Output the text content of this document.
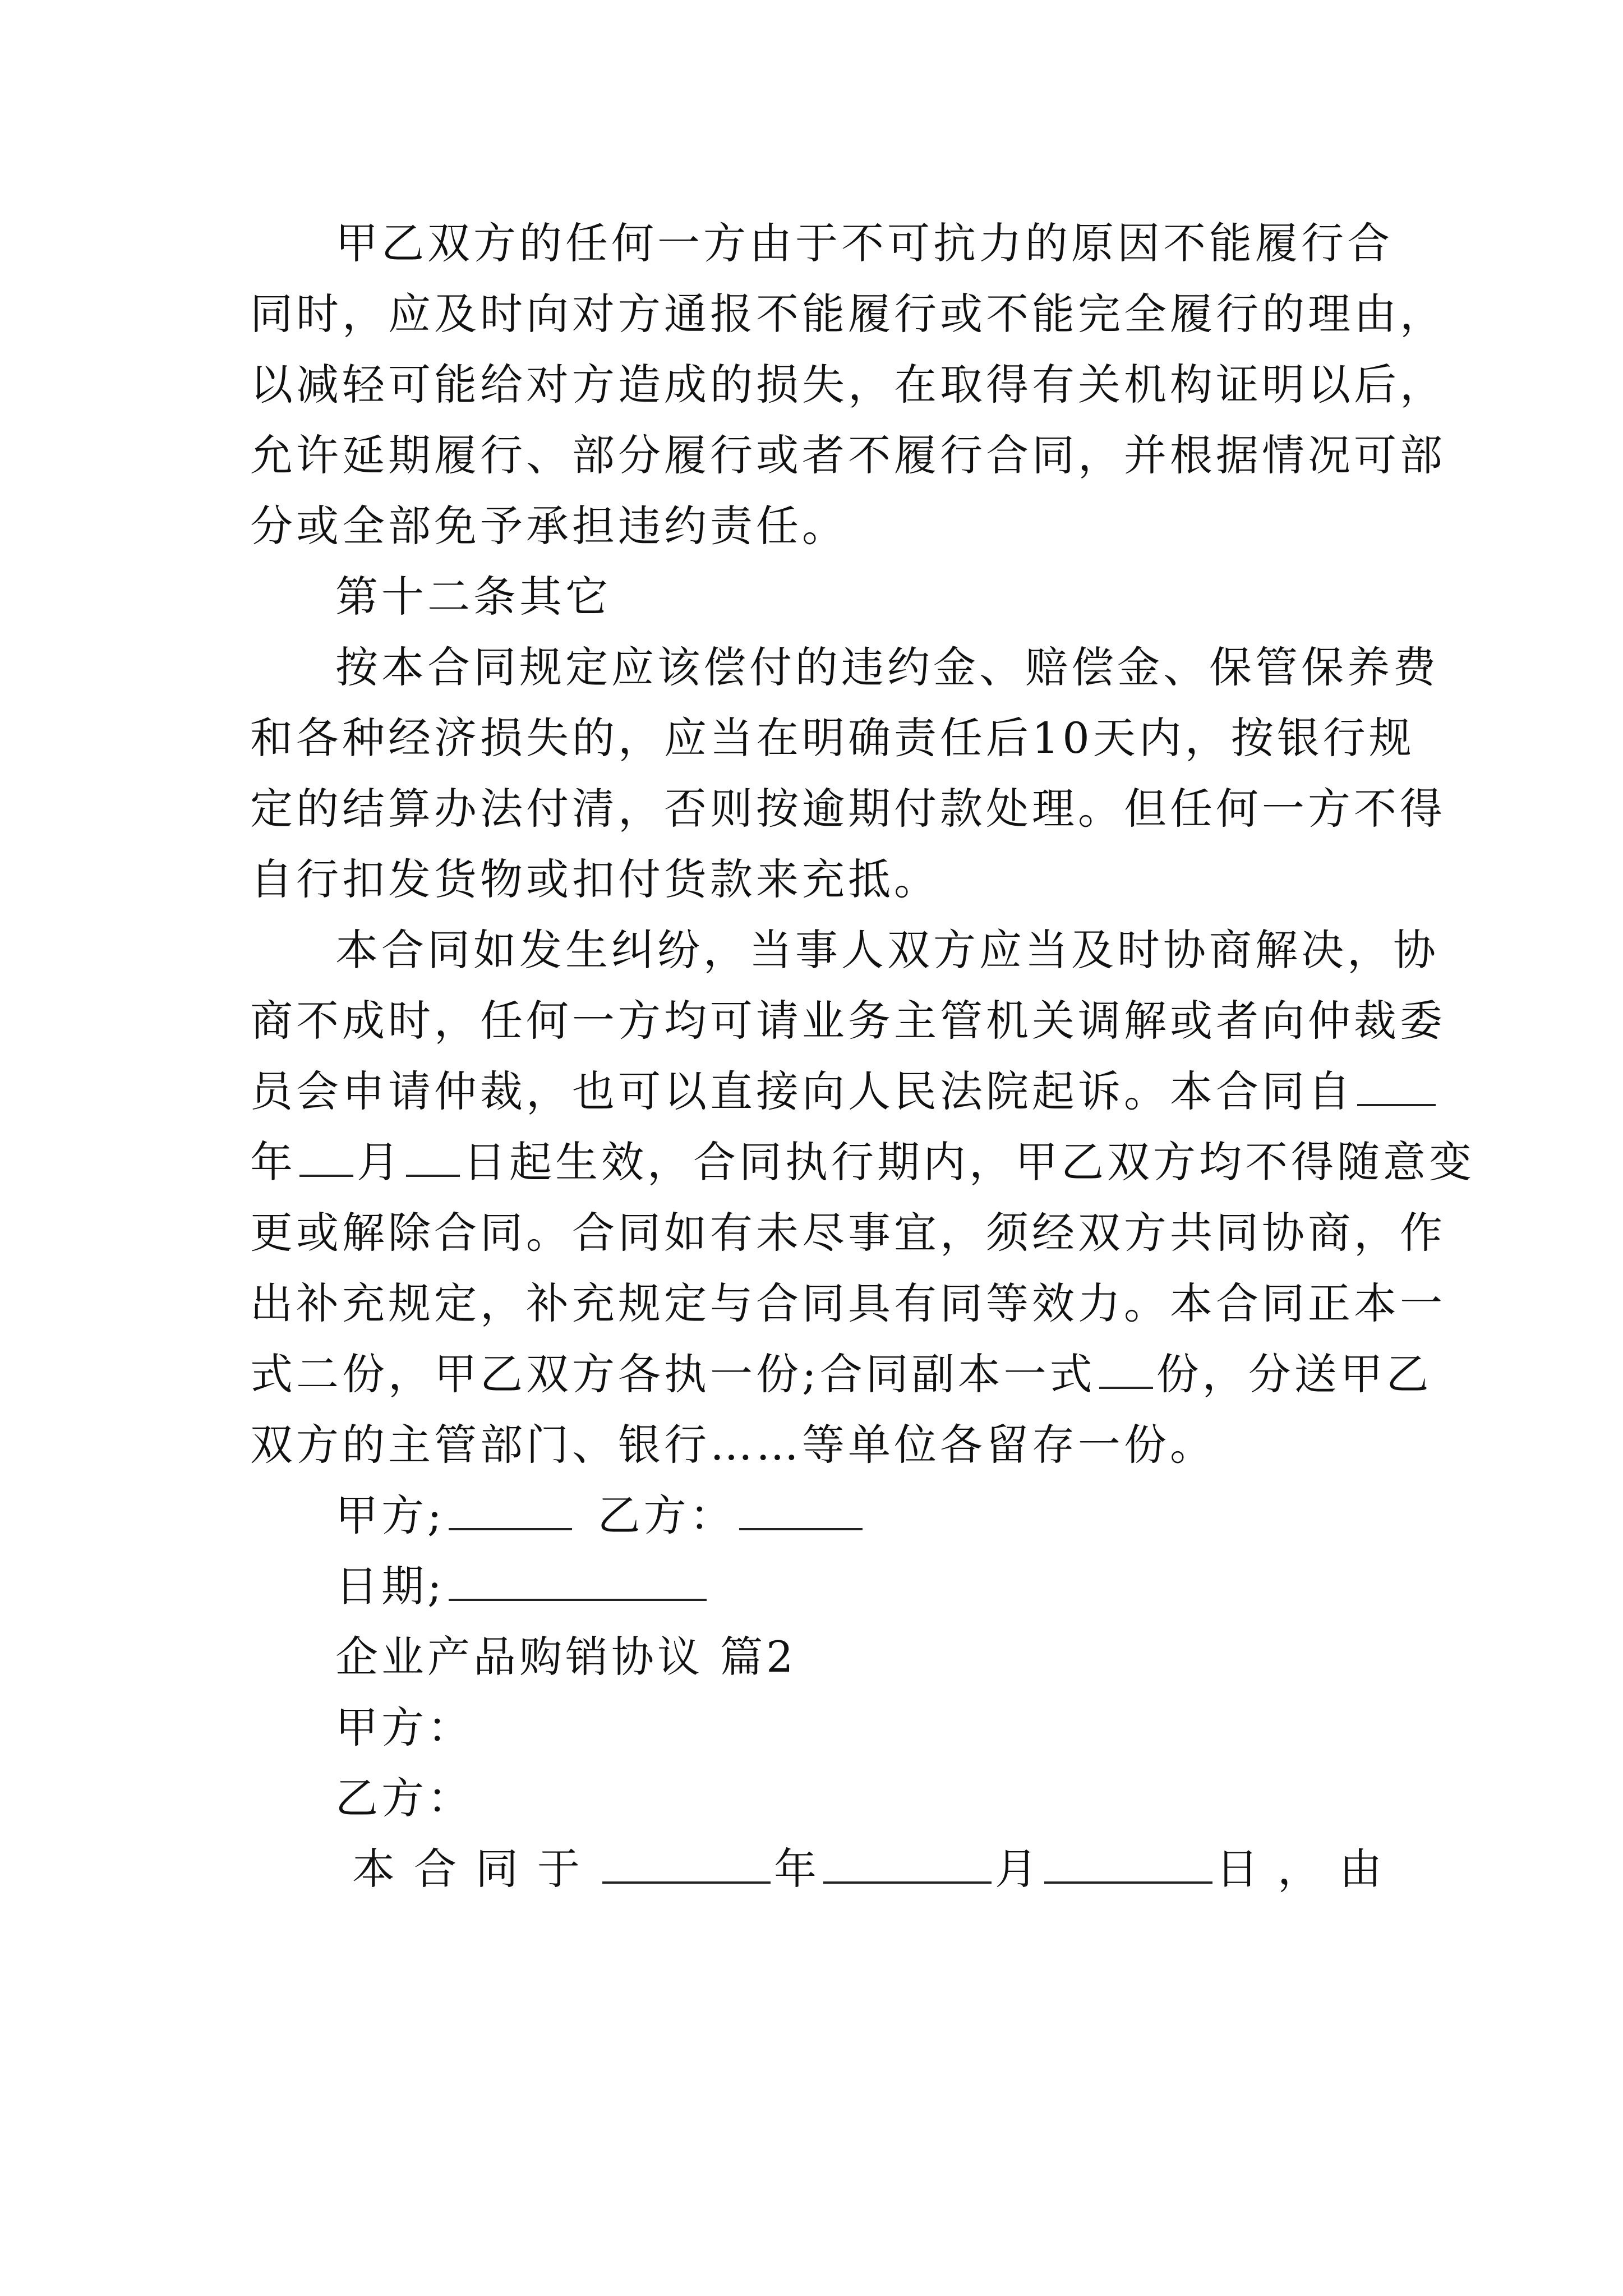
甲乙双方的任何一方由于不可抗力的原因不能履行合
同时，应及时向对方通报不能履行或不能完全履行的理由，
以减轻可能给对方造成的损失，在取得有关机构证明以后，
允许延期履行、部分履行或者不履行合同，并根据情况可部
分或全部免予承担违约责任。
第十二条其它
按本合同规定应该偿付的违约金、赔偿金、保管保养费
和各种经济损失的，应当在明确责任后10天内，按银行规
定的结算办法付清，否则按逾期付款处理。但任何一方不得
自行扣发货物或扣付货款来充抵。
本合同如发生纠纷，当事人双方应当及时协商解决，协
商不成时，任何一方均可请业务主管机关调解或者向仲裁委
员会申请仲裁，也可以直接向人民法院起诉。本合同自
年 月 日起生效，合同执行期内，甲乙双方均不得随意变
更或解除合同。合同如有未尽事宜，须经双方共同协商，作
出补充规定，补充规定与合同具有同等效力。本合同正本一
式二份，甲乙双方各执一份;合同副本一式 份，分送甲乙
双方的主管部门、银行……等单位各留存一份。
甲方;	乙方：
日期;
企业产品购销协议 篇2
甲方：
乙方：
本合同于	年	月	日，由
